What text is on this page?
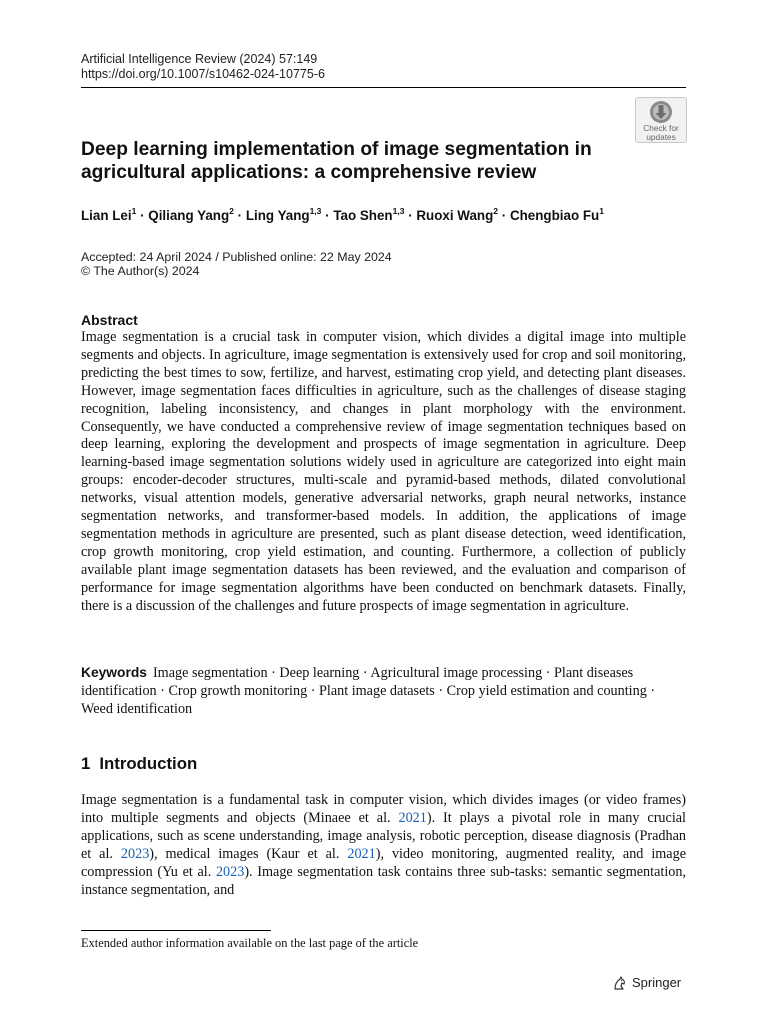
Artificial Intelligence Review (2024) 57:149
https://doi.org/10.1007/s10462-024-10775-6
Check for
updates
Deep learning implementation of image segmentation in agricultural applications: a comprehensive review
Lian Lei$^1$ · Qiliang Yang$^2$ · Ling Yang$^{1,3}$ · Tao Shen$^{1,3}$ · Ruoxi Wang$^2$ · Chengbiao Fu$^1$
Accepted: 24 April 2024 / Published online: 22 May 2024
© The Author(s) 2024
Abstract

Image segmentation is a crucial task in computer vision, which divides a digital image into multiple segments and objects. In agriculture, image segmentation is extensively used for crop and soil monitoring, predicting the best times to sow, fertilize, and harvest, estimating crop yield, and detecting plant diseases. However, image segmentation faces difficulties in agriculture, such as the challenges of disease staging recognition, labeling inconsistency, and changes in plant morphology with the environment. Consequently, we have conducted a comprehensive review of image segmentation techniques based on deep learning, exploring the development and prospects of image segmentation in agriculture. Deep learning-based image segmentation solutions widely used in agriculture are categorized into eight main groups: encoder-decoder structures, multi-scale and pyramid-based methods, dilated convolutional networks, visual attention models, generative adversarial networks, graph neural networks, instance segmentation networks, and transformer-based models. In addition, the applications of image segmentation methods in agriculture are presented, such as plant disease detection, weed identification, crop growth monitoring, crop yield estimation, and counting. Furthermore, a collection of publicly available plant image segmentation datasets has been reviewed, and the evaluation and comparison of performance for image segmentation algorithms have been conducted on benchmark datasets. Finally, there is a discussion of the challenges and future prospects of image segmentation in agriculture.

Keywords Image segmentation · Deep learning · Agricultural image processing · Plant diseases identification · Crop growth monitoring · Plant image datasets · Crop yield estimation and counting · Weed identification

1 Introduction

Image segmentation is a fundamental task in computer vision, which divides images (or video frames) into multiple segments and objects (Minaee et al. 2021). It plays a pivotal role in many crucial applications, such as scene understanding, image analysis, robotic perception, disease diagnosis (Pradhan et al. 2023), medical images (Kaur et al. 2021), video monitoring, augmented reality, and image compression (Yu et al. 2023). Image segmentation task contains three sub-tasks: semantic segmentation, instance segmentation, and

Extended author information available on the last page of the article
Springer
